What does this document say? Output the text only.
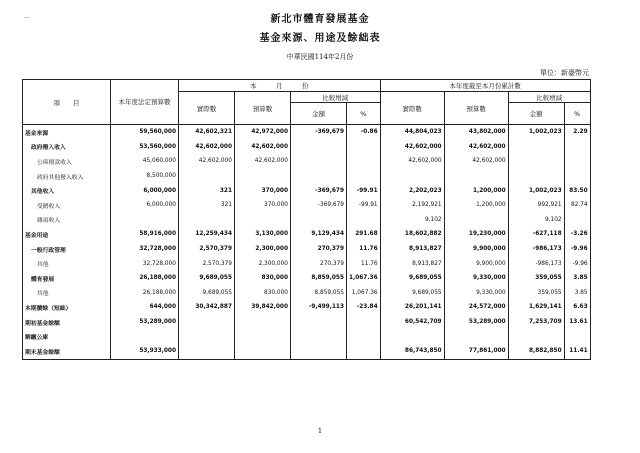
—	新北市體育發展基金
基金來源、用途及餘絀表
中華民國114年2月份
單位：新臺幣元
項　　目	本年度法定預算數	本　　　月　　　份				本年度截至本月份累計數			
		實際數	預算數	比較增減		實際數	預算數	比較增減	
				金額	%			金額	%
基金來源	59,560,000	42,602,321	42,972,000	-369,679	-0.86	44,804,023	43,802,000	1,002,023	2.29
政府撥入收入	53,560,000	42,602,000	42,602,000			42,602,000	42,602,000		
公庫撥款收入	45,060,000	42,602,000	42,602,000			42,602,000	42,602,000		
政府其他撥入收入	8,500,000								
其他收入	6,000,000	321	370,000	-369,679	-99.91	2,202,023	1,200,000	1,002,023	83.50
受贈收入	6,000,000	321	370,000	-369,679	-99.91	2,192,921	1,200,000	992,921	82.74
雜項收入						9,102		9,102	
基金用途	58,916,000	12,259,434	3,130,000	9,129,434	291.68	18,602,882	19,230,000	-627,118	-3.26
一般行政管理	32,728,000	2,570,379	2,300,000	270,379	11.76	8,913,827	9,900,000	-986,173	-9.96
其他	32,728,000	2,570,379	2,300,000	270,379	11.76	8,913,827	9,900,000	-986,173	-9.96
體育發展	26,188,000	9,689,055	830,000	8,859,055	1,067.36	9,689,055	9,330,000	359,055	3.85
其他	26,188,000	9,689,055	830,000	8,859,055	1,067.36	9,689,055	9,330,000	359,055	3.85
本期賸餘（短絀）	644,000	30,342,887	39,842,000	-9,499,113	-23.84	26,201,141	24,572,000	1,629,141	6.63
期初基金餘額	53,289,000					60,542,709	53,289,000	7,253,709	13.61
解繳公庫									
期末基金餘額	53,933,000					86,743,850	77,861,000	8,882,850	11.41
1
